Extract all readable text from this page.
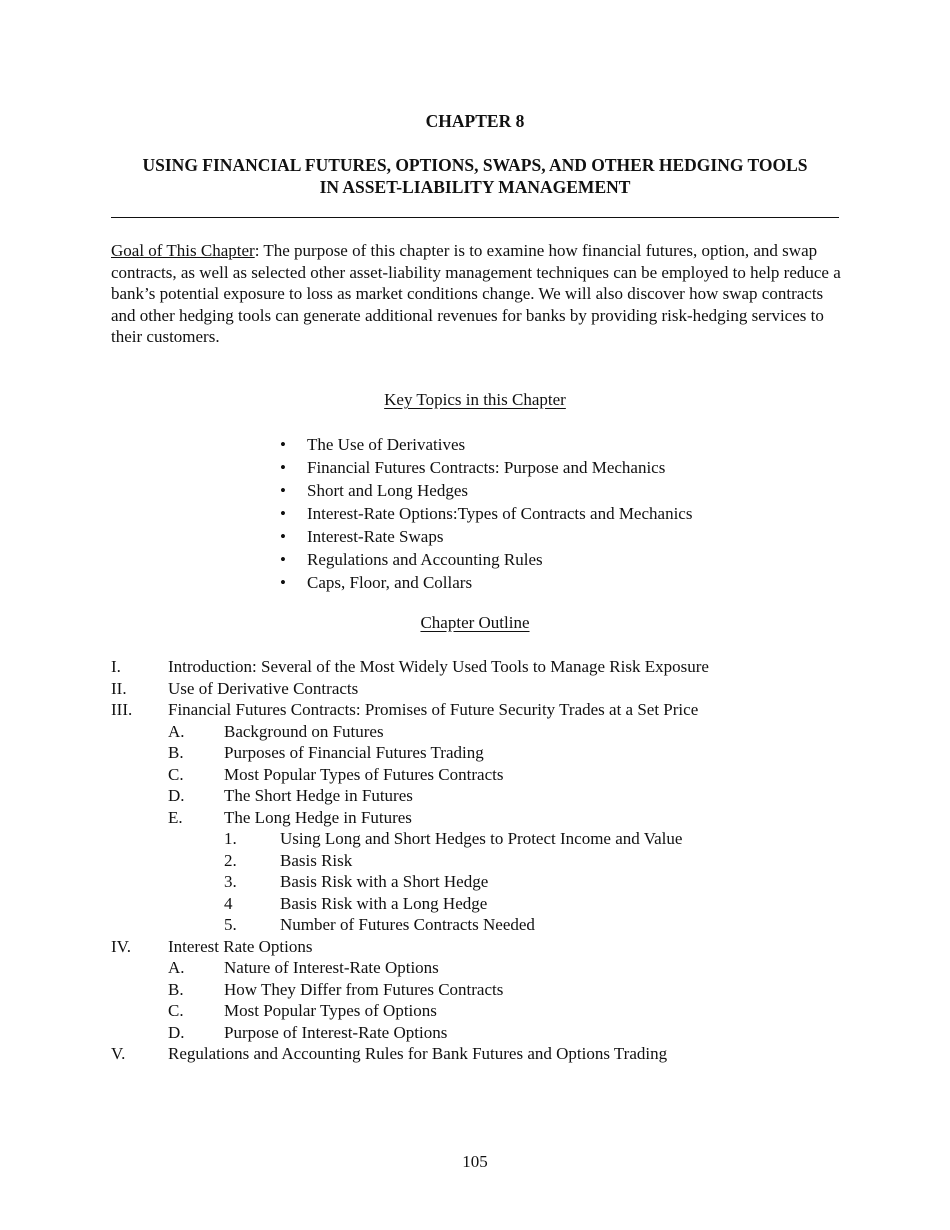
CHAPTER 8
USING FINANCIAL FUTURES, OPTIONS, SWAPS, AND OTHER HEDGING TOOLS
IN ASSET-LIABILITY MANAGEMENT
Goal of This Chapter: The purpose of this chapter is to examine how financial futures, option, and swap contracts, as well as selected other asset-liability management techniques can be employed to help reduce a bank’s potential exposure to loss as market conditions change. We will also discover how swap contracts and other hedging tools can generate additional revenues for banks by providing risk-hedging services to their customers.
Key Topics in this Chapter
• The Use of Derivatives
• Financial Futures Contracts: Purpose and Mechanics
• Short and Long Hedges
• Interest-Rate Options:Types of Contracts and Mechanics
• Interest-Rate Swaps
• Regulations and Accounting Rules
• Caps, Floor, and Collars
Chapter Outline
I.	Introduction: Several of the Most Widely Used Tools to Manage Risk Exposure
II. Use of Derivative Contracts
III. Financial Futures Contracts: Promises of Future Security Trades at a Set Price
A. Background on Futures
B. Purposes of Financial Futures Trading
C. Most Popular Types of Futures Contracts
D. The Short Hedge in Futures
E. The Long Hedge in Futures
1.	Using Long and Short Hedges to Protect Income and Value
2.	Basis Risk
3.	Basis Risk with a Short Hedge
4	Basis Risk with a Long Hedge
5.	Number of Futures Contracts Needed
IV. Interest Rate Options
A. Nature of Interest-Rate Options
B. How They Differ from Futures Contracts
C. Most Popular Types of Options
D. Purpose of Interest-Rate Options
V.	Regulations and Accounting Rules for Bank Futures and Options Trading
105
